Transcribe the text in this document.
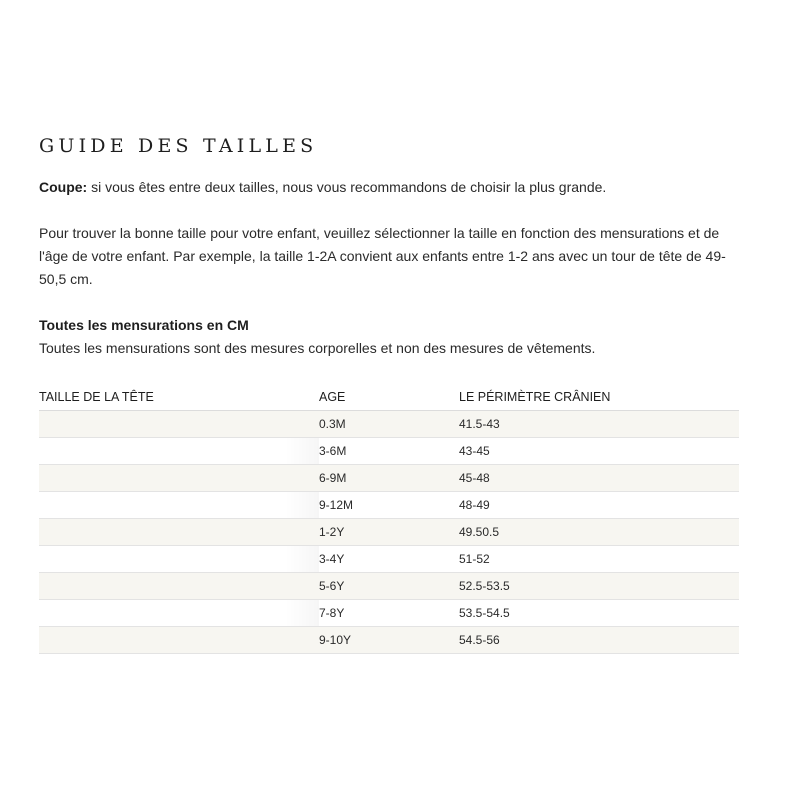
GUIDE DES TAILLES
Coupe: si vous êtes entre deux tailles, nous vous recommandons de choisir la plus grande.
Pour trouver la bonne taille pour votre enfant, veuillez sélectionner la taille en fonction des mensurations et de l'âge de votre enfant. Par exemple, la taille 1-2A convient aux enfants entre 1-2 ans avec un tour de tête de 49-50,5 cm.
Toutes les mensurations en CM
Toutes les mensurations sont des mesures corporelles et non des mesures de vêtements.
TAILLE DE LA TÊTE	AGE	LE PÉRIMÈTRE CRÂNIEN
	0.3M	41.5-43
	3-6M	43-45
	6-9M	45-48
	9-12M	48-49
	1-2Y	49.50.5
	3-4Y	51-52
	5-6Y	52.5-53.5
	7-8Y	53.5-54.5
	9-10Y	54.5-56
